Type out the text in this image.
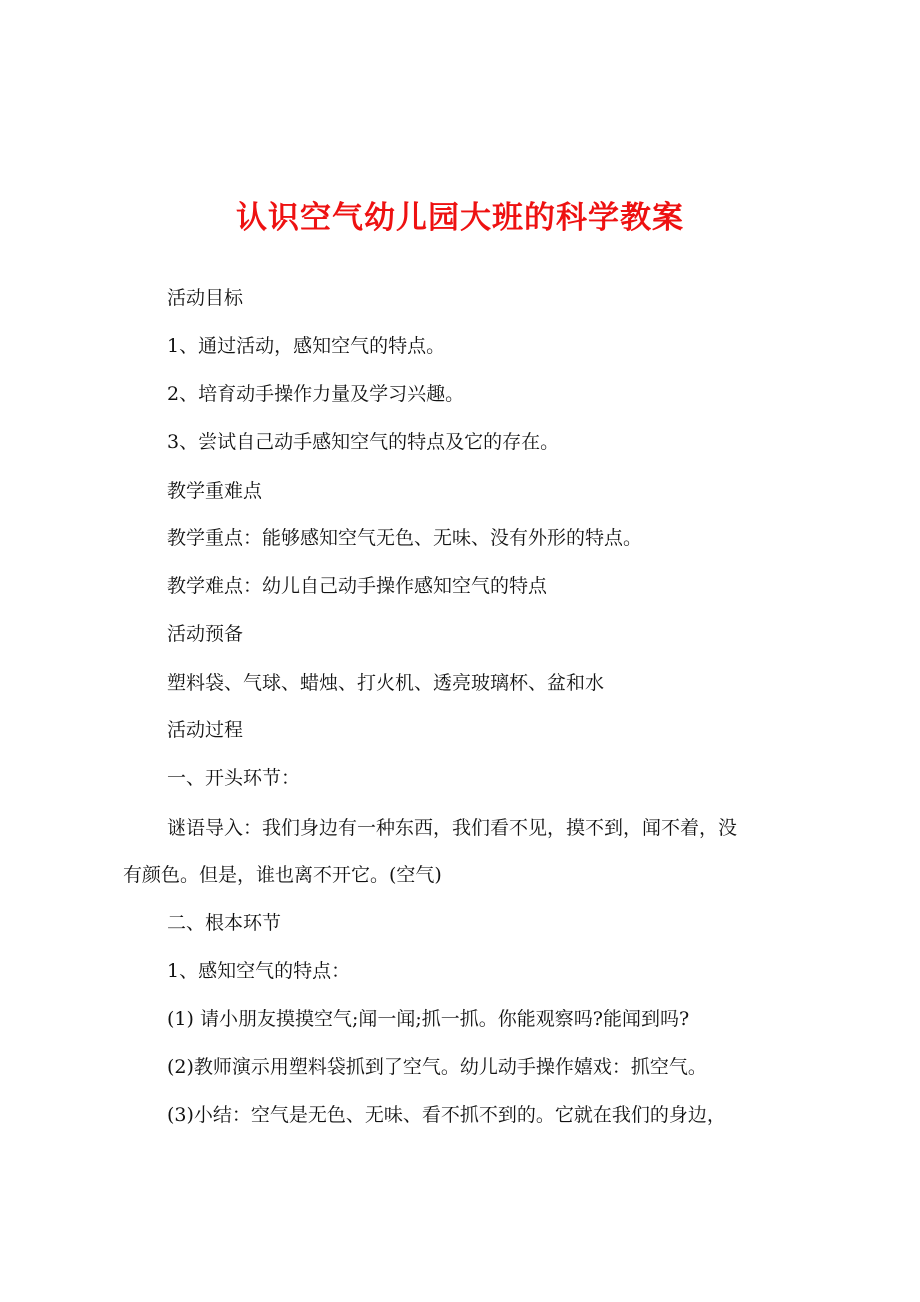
认识空气幼儿园大班的科学教案
活动目标
1、通过活动，感知空气的特点。
2、培育动手操作力量及学习兴趣。
3、尝试自己动手感知空气的特点及它的存在。
教学重难点
教学重点：能够感知空气无色、无味、没有外形的特点。
教学难点：幼儿自己动手操作感知空气的特点
活动预备
塑料袋、气球、蜡烛、打火机、透亮玻璃杯、盆和水
活动过程
一、开头环节：
谜语导入：我们身边有一种东西，我们看不见，摸不到，闻不着，没
有颜色。但是，谁也离不开它。(空气)
二、根本环节
1、感知空气的特点：
(1) 请小朋友摸摸空气;闻一闻;抓一抓。你能观察吗?能闻到吗?
(2)教师演示用塑料袋抓到了空气。幼儿动手操作嬉戏：抓空气。
(3)小结：空气是无色、无味、看不抓不到的。它就在我们的身边，
